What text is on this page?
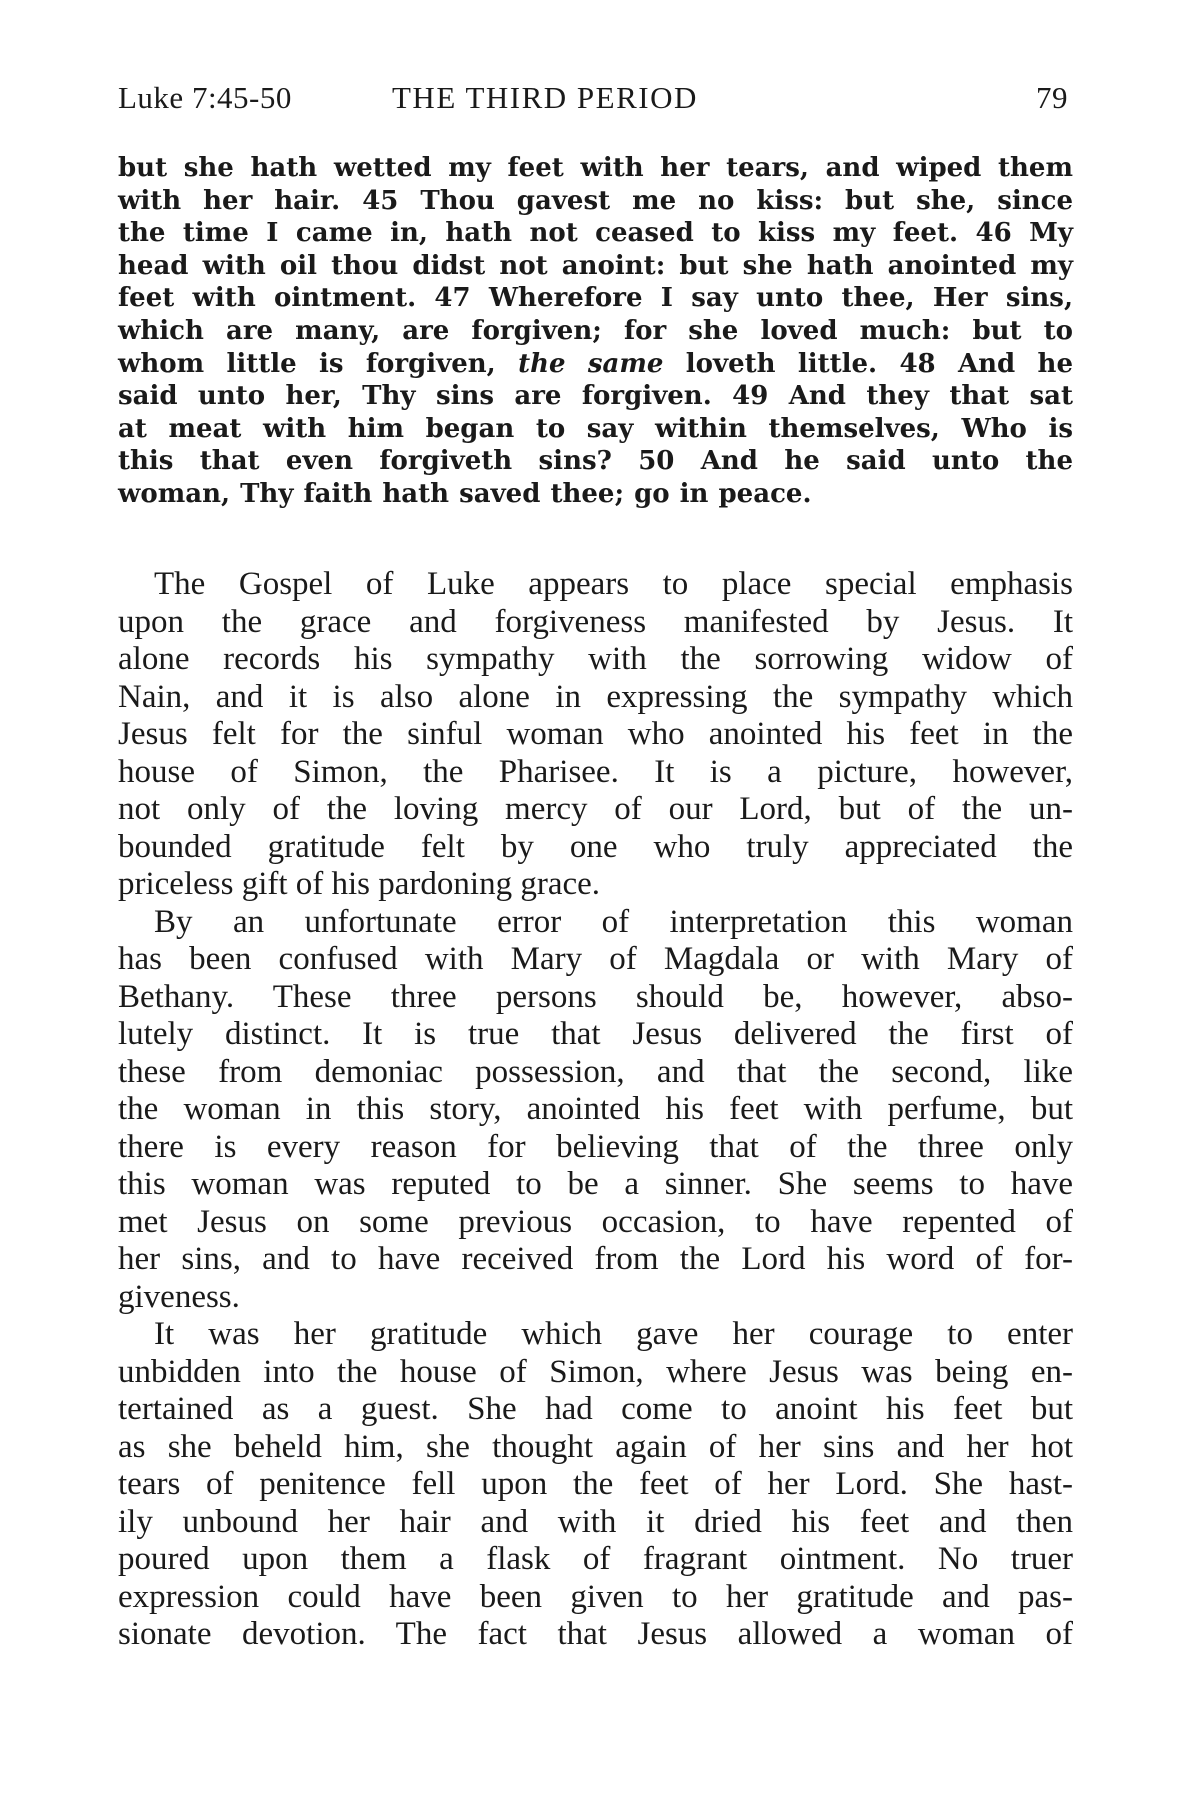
Luke 7:45-50	THE THIRD PERIOD	79
but she hath wetted my feet with her tears, and wiped them
with her hair. 45 Thou gavest me no kiss: but she, since
the time I came in, hath not ceased to kiss my feet. 46 My
head with oil thou didst not anoint: but she hath anointed my
feet with ointment. 47 Wherefore I say unto thee, Her sins,
which are many, are forgiven; for she loved much: but to
whom little is forgiven, the same loveth little. 48 And he
said unto her, Thy sins are forgiven. 49 And they that sat
at meat with him began to say within themselves, Who is
this that even forgiveth sins? 50 And he said unto the
woman, Thy faith hath saved thee; go in peace.
The Gospel of Luke appears to place special emphasis
upon the grace and forgiveness manifested by Jesus. It
alone records his sympathy with the sorrowing widow of
Nain, and it is also alone in expressing the sympathy which
Jesus felt for the sinful woman who anointed his feet in the
house of Simon, the Pharisee. It is a picture, however,
not only of the loving mercy of our Lord, but of the un-
bounded gratitude felt by one who truly appreciated the
priceless gift of his pardoning grace.
By an unfortunate error of interpretation this woman
has been confused with Mary of Magdala or with Mary of
Bethany. These three persons should be, however, abso-
lutely distinct. It is true that Jesus delivered the first of
these from demoniac possession, and that the second, like
the woman in this story, anointed his feet with perfume, but
there is every reason for believing that of the three only
this woman was reputed to be a sinner. She seems to have
met Jesus on some previous occasion, to have repented of
her sins, and to have received from the Lord his word of for-
giveness.
It was her gratitude which gave her courage to enter
unbidden into the house of Simon, where Jesus was being en-
tertained as a guest. She had come to anoint his feet but
as she beheld him, she thought again of her sins and her hot
tears of penitence fell upon the feet of her Lord. She hast-
ily unbound her hair and with it dried his feet and then
poured upon them a flask of fragrant ointment. No truer
expression could have been given to her gratitude and pas-
sionate devotion. The fact that Jesus allowed a woman of
